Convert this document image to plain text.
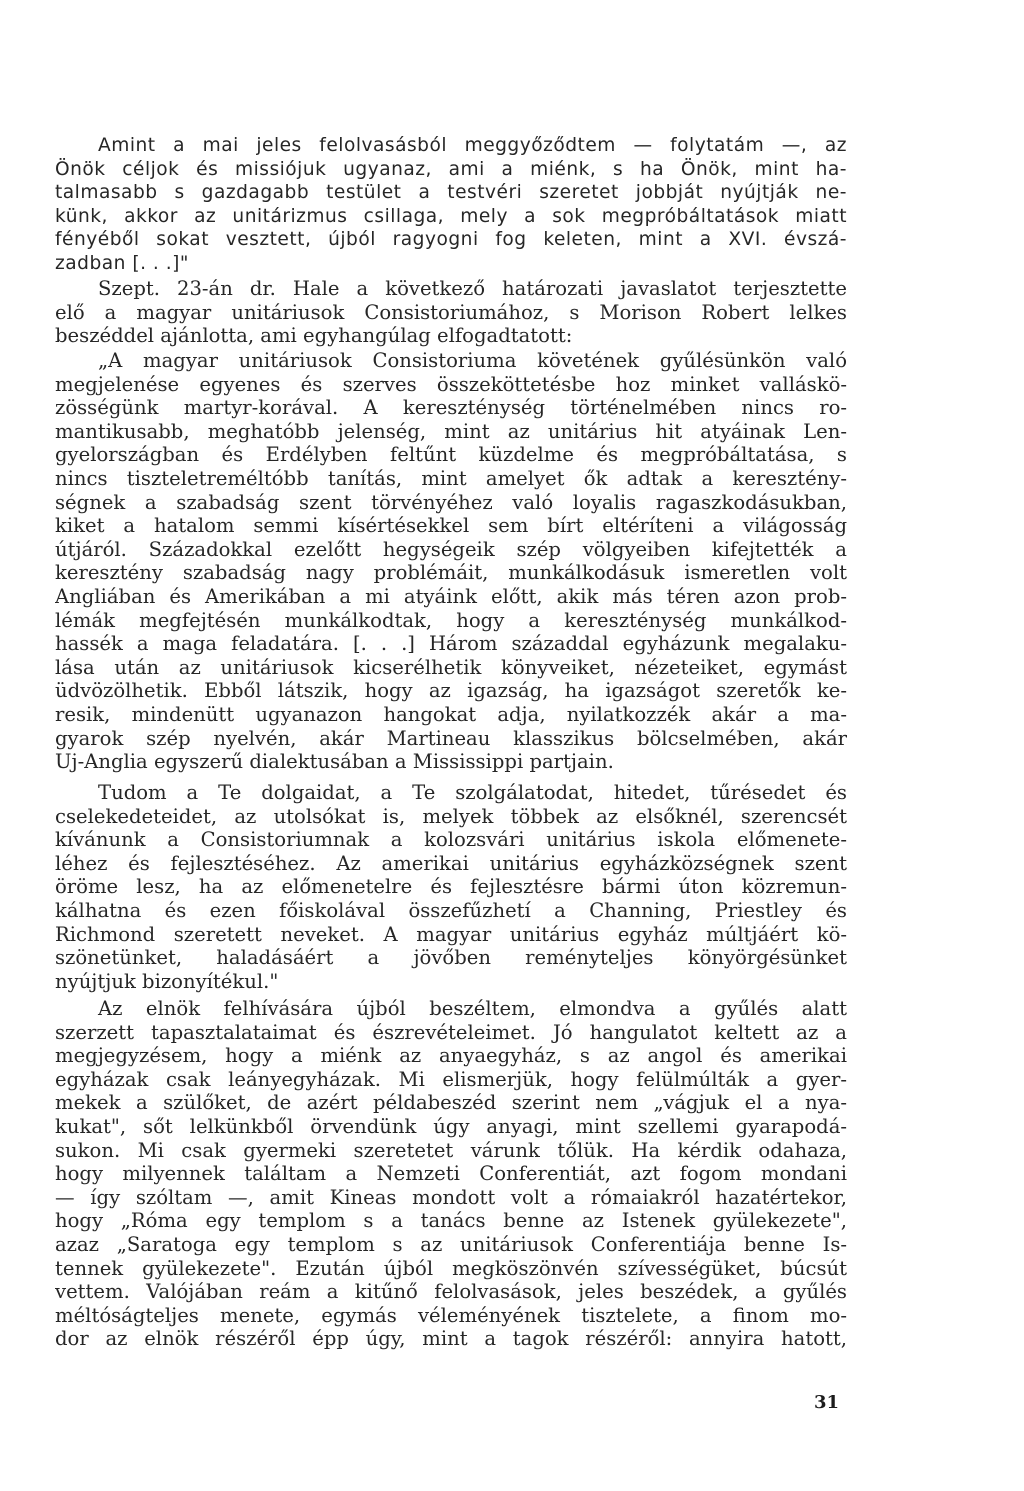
Amint a mai jeles felolvasásból meggyőződtem — folytatám —, az
Önök céljok és missiójuk ugyanaz, ami a miénk, s ha Önök, mint ha-
talmasabb s gazdagabb testület a testvéri szeretet jobbját nyújtják ne-
künk, akkor az unitárizmus csillaga, mely a sok megpróbáltatások miatt
fényéből sokat vesztett, újból ragyogni fog keleten, mint a XVI. évszá-
zadban [. . .]"
Szept. 23-án dr. Hale a következő határozati javaslatot terjesztette
elő a magyar unitáriusok Consistoriumához, s Morison Robert lelkes
beszéddel ajánlotta, ami egyhangúlag elfogadtatott:
„A magyar unitáriusok Consistoriuma követének gyűlésünkön való
megjelenése egyenes és szerves összeköttetésbe hoz minket valláskö-
zösségünk martyr-korával. A kereszténység történelmében nincs ro-
mantikusabb, meghatóbb jelenség, mint az unitárius hit atyáinak Len-
gyelországban és Erdélyben feltűnt küzdelme és megpróbáltatása, s
nincs tiszteletreméltóbb tanítás, mint amelyet ők adtak a keresztény-
ségnek a szabadság szent törvényéhez való loyalis ragaszkodásukban,
kiket a hatalom semmi kísértésekkel sem bírt eltéríteni a világosság
útjáról. Századokkal ezelőtt hegységeik szép völgyeiben kifejtették a
keresztény szabadság nagy problémáit, munkálkodásuk ismeretlen volt
Angliában és Amerikában a mi atyáink előtt, akik más téren azon prob-
lémák megfejtésén munkálkodtak, hogy a kereszténység munkálkod-
hassék a maga feladatára. [. . .] Három századdal egyházunk megalaku-
lása után az unitáriusok kicserélhetik könyveiket, nézeteiket, egymást
üdvözölhetik. Ebből látszik, hogy az igazság, ha igazságot szeretők ke-
resik, mindenütt ugyanazon hangokat adja, nyilatkozzék akár a ma-
gyarok szép nyelvén, akár Martineau klasszikus bölcselmében, akár
Uj-Anglia egyszerű dialektusában a Mississippi partjain.
Tudom a Te dolgaidat, a Te szolgálatodat, hitedet, tűrésedet és
cselekedeteidet, az utolsókat is, melyek többek az elsőknél, szerencsét
kívánunk a Consistoriumnak a kolozsvári unitárius iskola előmenete-
léhez és fejlesztéséhez. Az amerikai unitárius egyházközségnek szent
öröme lesz, ha az előmenetelre és fejlesztésre bármi úton közremun-
kálhatna és ezen főiskolával összefűzhetí a Channing, Priestley és
Richmond szeretett neveket. A magyar unitárius egyház múltjáért kö-
szönetünket, haladásáért a jövőben reményteljes könyörgésünket
nyújtjuk bizonyítékul."
Az elnök felhívására újból beszéltem, elmondva a gyűlés alatt
szerzett tapasztalataimat és észrevételeimet. Jó hangulatot keltett az a
megjegyzésem, hogy a miénk az anyaegyház, s az angol és amerikai
egyházak csak leányegyházak. Mi elismerjük, hogy felülmúlták a gyer-
mekek a szülőket, de azért példabeszéd szerint nem „vágjuk el a nya-
kukat", sőt lelkünkből örvendünk úgy anyagi, mint szellemi gyarapodá-
sukon. Mi csak gyermeki szeretetet várunk tőlük. Ha kérdik odahaza,
hogy milyennek találtam a Nemzeti Conferentiát, azt fogom mondani
— így szóltam —, amit Kineas mondott volt a rómaiakról hazatértekor,
hogy „Róma egy templom s a tanács benne az Istenek gyülekezete",
azaz „Saratoga egy templom s az unitáriusok Conferentiája benne Is-
tennek gyülekezete". Ezután újból megköszönvén szívességüket, búcsút
vettem. Valójában reám a kitűnő felolvasások, jeles beszédek, a gyűlés
méltóságteljes menete, egymás véleményének tisztelete, a finom mo-
dor az elnök részéről épp úgy, mint a tagok részéről: annyira hatott,
31
